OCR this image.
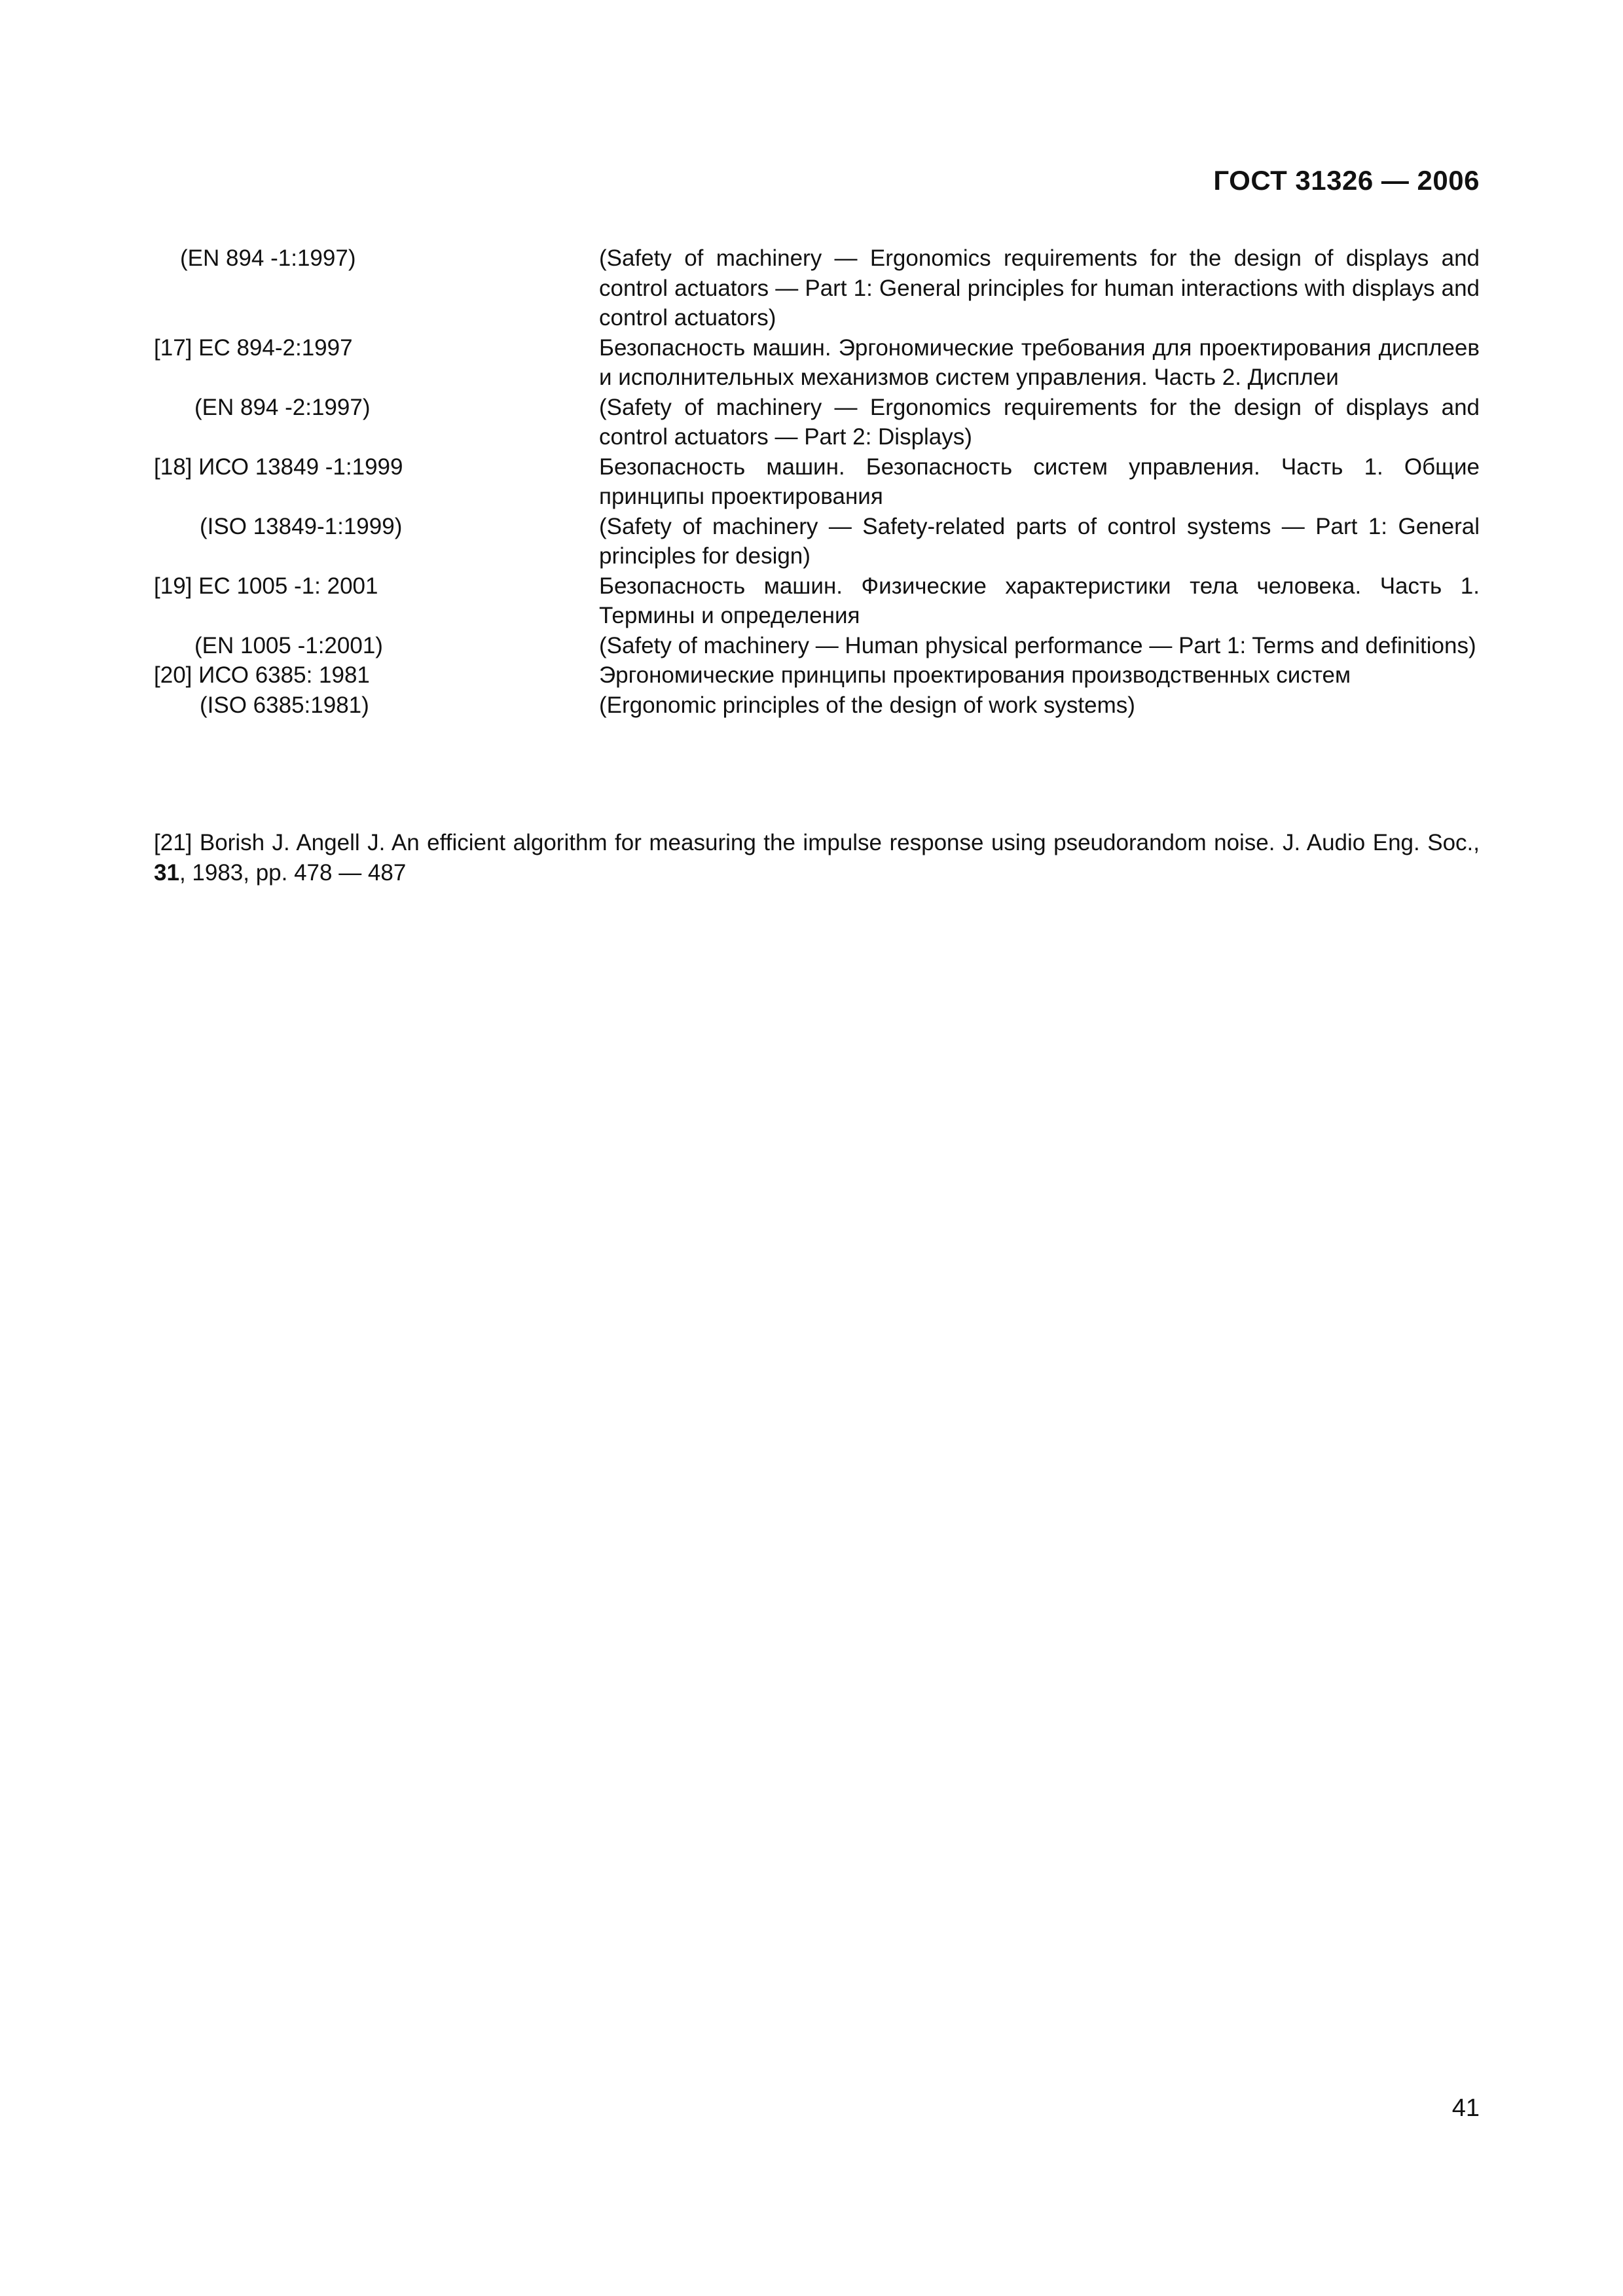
ГОСТ 31326 — 2006
(EN 894 -1:1997)	(Safety of machinery — Ergonomics requirements for the design of displays and control actuators — Part 1: General principles for human interactions with displays and control actuators)
[17] ЕС 894-2:1997	Безопасность машин. Эргономические требования для проектирования дисплеев и исполнительных механизмов систем управления. Часть 2. Дисплеи
(EN 894 -2:1997)	(Safety of machinery — Ergonomics requirements for the design of displays and control actuators — Part 2: Displays)
[18] ИСО 13849 -1:1999	Безопасность машин. Безопасность систем управления. Часть 1. Общие принципы проектирования
(ISO 13849-1:1999)	(Safety of machinery — Safety-related parts of control systems — Part 1: General principles for design)
[19] ЕС 1005 -1: 2001	Безопасность машин. Физические характеристики тела человека. Часть 1. Термины и определения
(EN 1005 -1:2001)	(Safety of machinery — Human physical performance — Part 1: Terms and definitions)
[20] ИСО 6385: 1981	Эргономические принципы проектирования производственных систем
(ISO 6385:1981)	(Ergonomic principles of the design of work systems)

[21] Borish J. Angell J. An efficient algorithm for measuring the impulse response using pseudorandom noise. J. Audio Eng. Soc., 31, 1983, pp. 478 — 487

41
